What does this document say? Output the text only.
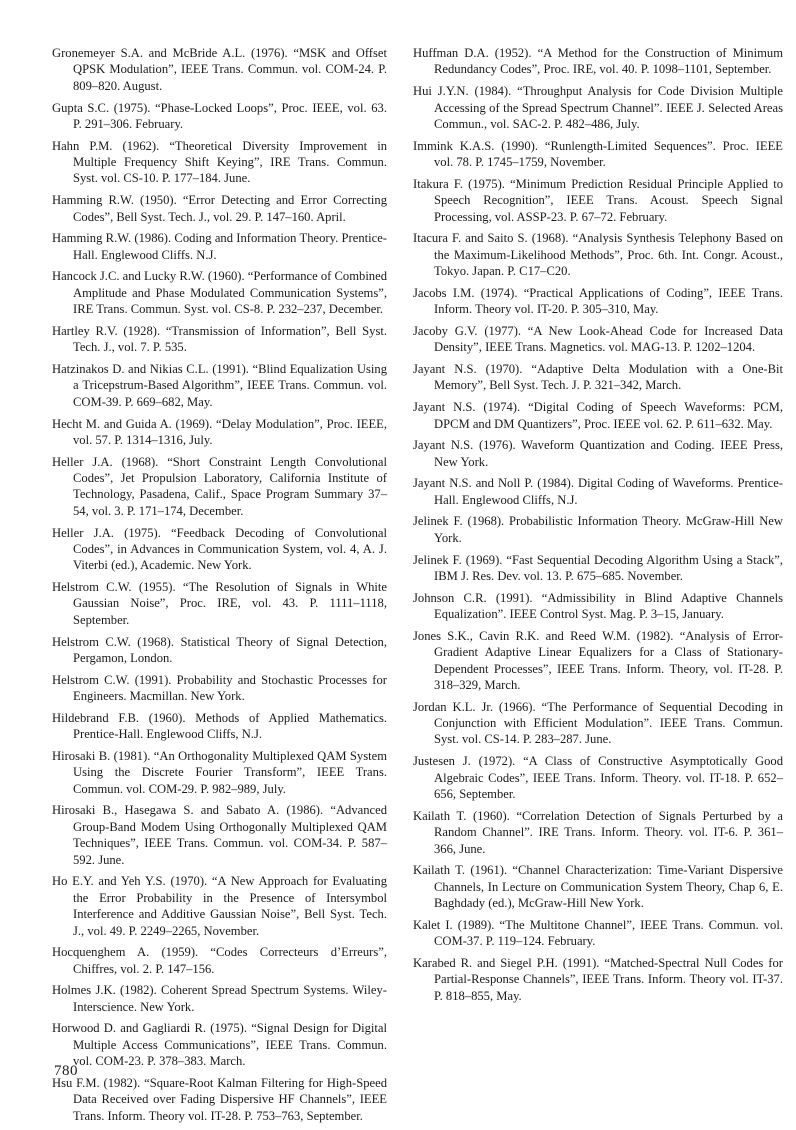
Gronemeyer S.A. and McBride A.L. (1976). “MSK and Offset QPSK Modulation”, IEEE Trans. Commun. vol. COM-24. P. 809–820. August.

Gupta S.C. (1975). “Phase-Locked Loops”, Proc. IEEE, vol. 63. P. 291–306. February.

Hahn P.M. (1962). “Theoretical Diversity Improvement in Multiple Frequency Shift Keying”, IRE Trans. Commun. Syst. vol. CS-10. P. 177–184. June.

Hamming R.W. (1950). “Error Detecting and Error Correcting Codes”, Bell Syst. Tech. J., vol. 29. P. 147–160. April.

Hamming R.W. (1986). Coding and Information Theory. Prentice-Hall. Englewood Cliffs. N.J.

Hancock J.C. and Lucky R.W. (1960). “Performance of Combined Amplitude and Phase Modulated Communication Systems”, IRE Trans. Commun. Syst. vol. CS-8. P. 232–237, December.

Hartley R.V. (1928). “Transmission of Information”, Bell Syst. Tech. J., vol. 7. P. 535.

Hatzinakos D. and Nikias C.L. (1991). “Blind Equalization Using a Tricepstrum-Based Algorithm”, IEEE Trans. Commun. vol. COM-39. P. 669–682, May.

Hecht M. and Guida A. (1969). “Delay Modulation”, Proc. IEEE, vol. 57. P. 1314–1316, July.

Heller J.A. (1968). “Short Constraint Length Convolutional Codes”, Jet Propulsion Laboratory, California Institute of Technology, Pasadena, Calif., Space Program Summary 37–54, vol. 3. P. 171–174, December.

Heller J.A. (1975). “Feedback Decoding of Convolutional Codes”, in Advances in Communication System, vol. 4, A. J. Viterbi (ed.), Academic. New York.

Helstrom C.W. (1955). “The Resolution of Signals in White Gaussian Noise”, Proc. IRE, vol. 43. P. 1111–1118, September.

Helstrom C.W. (1968). Statistical Theory of Signal Detection, Pergamon, London.

Helstrom C.W. (1991). Probability and Stochastic Processes for Engineers. Macmillan. New York.

Hildebrand F.B. (1960). Methods of Applied Mathematics. Prentice-Hall. Englewood Cliffs, N.J.

Hirosaki B. (1981). “An Orthogonality Multiplexed QAM System Using the Discrete Fourier Transform”, IEEE Trans. Commun. vol. COM-29. P. 982–989, July.

Hirosaki B., Hasegawa S. and Sabato A. (1986). “Advanced Group-Band Modem Using Orthogonally Multiplexed QAM Techniques”, IEEE Trans. Commun. vol. COM-34. P. 587–592. June.

Ho E.Y. and Yeh Y.S. (1970). “A New Approach for Evaluating the Error Probability in the Presence of Intersymbol Interference and Additive Gaussian Noise”, Bell Syst. Tech. J., vol. 49. P. 2249–2265, November.

Hocquenghem A. (1959). “Codes Correcteurs d’Erreurs”, Chiffres, vol. 2. P. 147–156.

Holmes J.K. (1982). Coherent Spread Spectrum Systems. Wiley-Interscience. New York.

Horwood D. and Gagliardi R. (1975). “Signal Design for Digital Multiple Access Communications”, IEEE Trans. Commun. vol. COM-23. P. 378–383. March.

Hsu F.M. (1982). “Square-Root Kalman Filtering for High-Speed Data Received over Fading Dispersive HF Channels”, IEEE Trans. Inform. Theory vol. IT-28. P. 753–763, September.

Huffman D.A. (1952). “A Method for the Construction of Minimum Redundancy Codes”, Proc. IRE, vol. 40. P. 1098–1101, September.

Hui J.Y.N. (1984). “Throughput Analysis for Code Division Multiple Accessing of the Spread Spectrum Channel”. IEEE J. Selected Areas Commun., vol. SAC-2. P. 482–486, July.

Immink K.A.S. (1990). “Runlength-Limited Sequences”. Proc. IEEE vol. 78. P. 1745–1759, November.

Itakura F. (1975). “Minimum Prediction Residual Principle Applied to Speech Recognition”, IEEE Trans. Acoust. Speech Signal Processing, vol. ASSP-23. P. 67–72. February.

Itacura F. and Saito S. (1968). “Analysis Synthesis Telephony Based on the Maximum-Likelihood Methods”, Proc. 6th. Int. Congr. Acoust., Tokyo. Japan. P. C17–C20.

Jacobs I.M. (1974). “Practical Applications of Coding”, IEEE Trans. Inform. Theory vol. IT-20. P. 305–310, May.

Jacoby G.V. (1977). “A New Look-Ahead Code for Increased Data Density”, IEEE Trans. Magnetics. vol. MAG-13. P. 1202–1204.

Jayant N.S. (1970). “Adaptive Delta Modulation with a One-Bit Memory”, Bell Syst. Tech. J. P. 321–342, March.

Jayant N.S. (1974). “Digital Coding of Speech Waveforms: PCM, DPCM and DM Quantizers”, Proc. IEEE vol. 62. P. 611–632. May.

Jayant N.S. (1976). Waveform Quantization and Coding. IEEE Press, New York.

Jayant N.S. and Noll P. (1984). Digital Coding of Waveforms. Prentice-Hall. Englewood Cliffs, N.J.

Jelinek F. (1968). Probabilistic Information Theory. McGraw-Hill New York.

Jelinek F. (1969). “Fast Sequential Decoding Algorithm Using a Stack”, IBM J. Res. Dev. vol. 13. P. 675–685. November.

Johnson C.R. (1991). “Admissibility in Blind Adaptive Channels Equalization”. IEEE Control Syst. Mag. P. 3–15, January.

Jones S.K., Cavin R.K. and Reed W.M. (1982). “Analysis of Error-Gradient Adaptive Linear Equalizers for a Class of Stationary-Dependent Processes”, IEEE Trans. Inform. Theory, vol. IT-28. P. 318–329, March.

Jordan K.L. Jr. (1966). “The Performance of Sequential Decoding in Conjunction with Efficient Modulation”. IEEE Trans. Commun. Syst. vol. CS-14. P. 283–287. June.

Justesen J. (1972). “A Class of Constructive Asymptotically Good Algebraic Codes”, IEEE Trans. Inform. Theory. vol. IT-18. P. 652–656, September.

Kailath T. (1960). “Correlation Detection of Signals Perturbed by a Random Channel”. IRE Trans. Inform. Theory. vol. IT-6. P. 361–366, June.

Kailath T. (1961). “Channel Characterization: Time-Variant Dispersive Channels, In Lecture on Communication System Theory, Chap 6, E. Baghdady (ed.), McGraw-Hill New York.

Kalet I. (1989). “The Multitone Channel”, IEEE Trans. Commun. vol. COM-37. P. 119–124. February.

Karabed R. and Siegel P.H. (1991). “Matched-Spectral Null Codes for Partial-Response Channels”, IEEE Trans. Inform. Theory vol. IT-37. P. 818–855, May.

780
